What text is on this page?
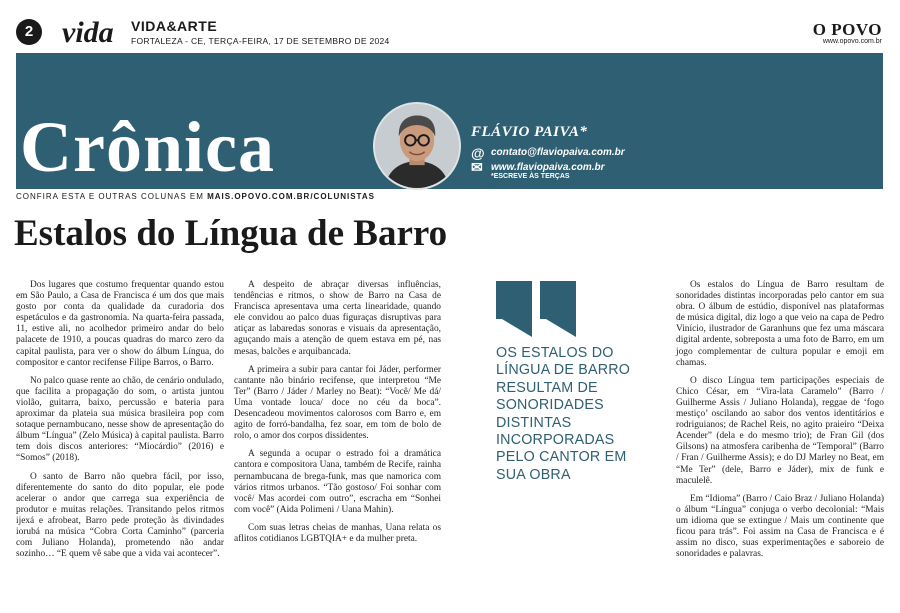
2 vida VIDA&ARTE
FORTALEZA - CE, TERÇA-FEIRA, 17 DE SETEMBRO DE 2024
O POVO
www.opovo.com.br
Crônica	FLÁVIO PAIVA*
@ contato@flaviopaiva.com.br
✉ www.flaviopaiva.com.br
*ESCREVE ÀS TERÇAS
CONFIRA ESTA E OUTRAS COLUNAS EM MAIS.OPOVO.COM.BR/COLUNISTAS
Estalos do Língua de Barro

Dos lugares que costumo frequentar quando estou em São Paulo, a Casa de Francisca é um dos que mais gosto por conta da qualidade da curadoria dos espetáculos e da gastronomia. Na quarta-feira passada, 11, estive ali, no acolhedor primeiro andar do belo palacete de 1910, a poucas quadras do marco zero da capital paulista, para ver o show do álbum Língua, do compositor e cantor recifense Filipe Barros, o Barro.

No palco quase rente ao chão, de cenário ondulado, que facilita a propagação do som, o artista juntou violão, guitarra, baixo, percussão e bateria para aproximar da plateia sua música brasileira pop com sotaque pernambucano, nesse show de apresentação do álbum “Língua” (Zelo Música) à capital paulista. Barro tem dois discos anteriores: “Miocárdio” (2016) e “Somos” (2018).

O santo de Barro não quebra fácil, por isso, diferentemente do santo do dito popular, ele pode acelerar o andor que carrega sua experiência de produtor e muitas relações. Transitando pelos ritmos ijexá e afrobeat, Barro pede proteção às divindades iorubá na música “Cobra Corta Caminho” (parceria com Juliano Holanda), prometendo não andar sozinho… “E quem vê sabe que a vida vai acontecer”.

A despeito de abraçar diversas influências, tendências e ritmos, o show de Barro na Casa de Francisca apresentava uma certa linearidade, quando ele convidou ao palco duas figuraças disruptivas para atiçar as labaredas sonoras e visuais da apresentação, aguçando mais a atenção de quem estava em pé, nas mesas, balcões e arquibancada.

A primeira a subir para cantar foi Jáder, performer cantante não binário recifense, que interpretou “Me Ter” (Barro / Jáder / Marley no Beat): “Você/ Me dá/ Uma vontade louca/ doce no céu da boca”. Desencadeou movimentos calorosos com Barro e, em agito de forró-bandalha, fez soar, em tom de bolo de rolo, o amor dos corpos dissidentes.

A segunda a ocupar o estrado foi a dramática cantora e compositora Uana, também de Recife, rainha pernambucana de brega-funk, mas que namorica com vários ritmos urbanos. “Tão gostoso/ Foi sonhar com você/ Mas acordei com outro”, escracha em “Sonhei com você” (Aida Polimeni / Uana Mahin).

Com suas letras cheias de manhas, Uana relata os aflitos cotidianos LGBTQIA+ e da mulher preta.

OS ESTALOS DO LÍNGUA DE BARRO RESULTAM DE SONORIDADES DISTINTAS INCORPORADAS PELO CANTOR EM SUA OBRA

Os estalos do Língua de Barro resultam de sonoridades distintas incorporadas pelo cantor em sua obra. O álbum de estúdio, disponível nas plataformas de música digital, diz logo a que veio na capa de Pedro Vinício, ilustrador de Garanhuns que fez uma máscara digital ardente, sobreposta a uma foto de Barro, em um jogo complementar de cultura popular e emoji em chamas.

O disco Língua tem participações especiais de Chico César, em “Vira-lata Caramelo” (Barro / Guilherme Assis / Juliano Holanda), reggae de ‘fogo mestiço’ oscilando ao sabor dos ventos identitários e rodriguianos; de Rachel Reis, no agito praieiro “Deixa Acender” (dela e do mesmo trio); de Fran Gil (dos Gilsons) na atmosfera caribenha de “Temporal” (Barro / Fran / Guilherme Assis); e do DJ Marley no Beat, em “Me Ter” (dele, Barro e Jáder), mix de funk e maculelê.

Em “Idioma” (Barro / Caio Braz / Juliano Holanda) o álbum “Língua” conjuga o verbo decolonial: “Mais um idioma que se extingue / Mais um continente que ficou para trás”. Foi assim na Casa de Francisca e é assim no disco, suas experimentações e saboreio de sonoridades e palavras.
